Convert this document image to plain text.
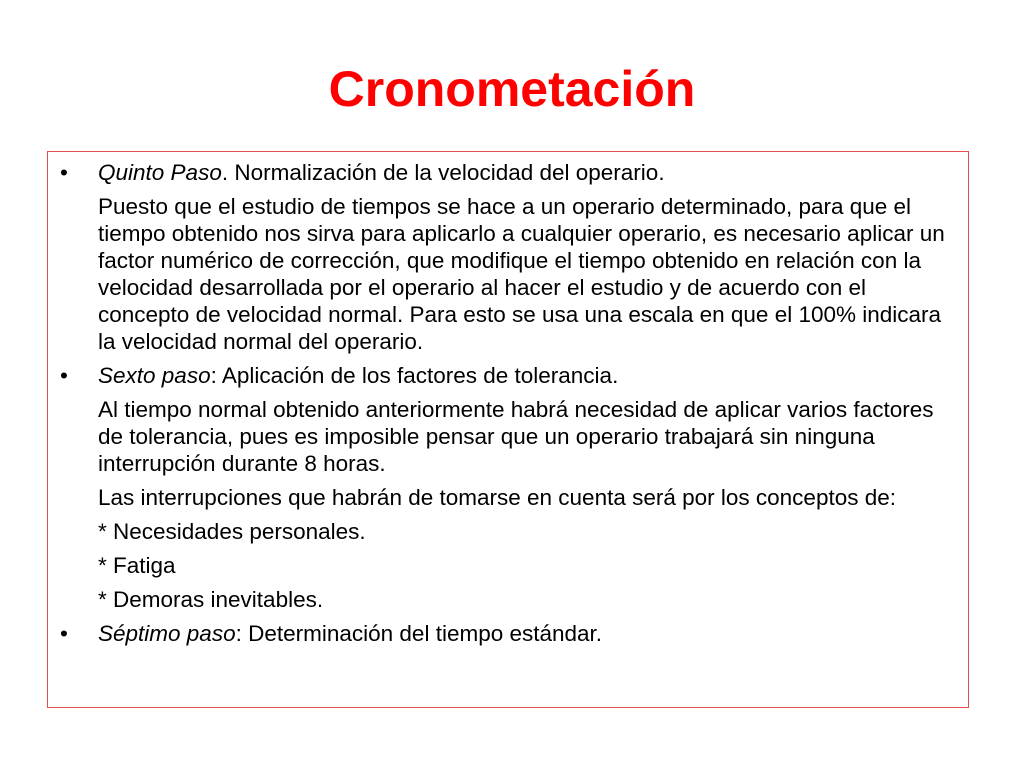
Cronometación
• Quinto Paso. Normalización de la velocidad del operario.
Puesto que el estudio de tiempos se hace a un operario determinado, para que el tiempo obtenido nos sirva para aplicarlo a cualquier operario, es necesario aplicar un factor numérico de corrección, que modifique el tiempo obtenido en relación con la velocidad desarrollada por el operario al hacer el estudio y de acuerdo con el concepto de velocidad normal. Para esto se usa una escala en que el 100% indicara la velocidad normal del operario.
• Sexto paso: Aplicación de los factores de tolerancia.
Al tiempo normal obtenido anteriormente habrá necesidad de aplicar varios factores de tolerancia, pues es imposible pensar que un operario trabajará sin ninguna interrupción durante 8 horas.
Las interrupciones que habrán de tomarse en cuenta será por los conceptos de:
* Necesidades personales.
* Fatiga
* Demoras inevitables.
• Séptimo paso: Determinación del tiempo estándar.
